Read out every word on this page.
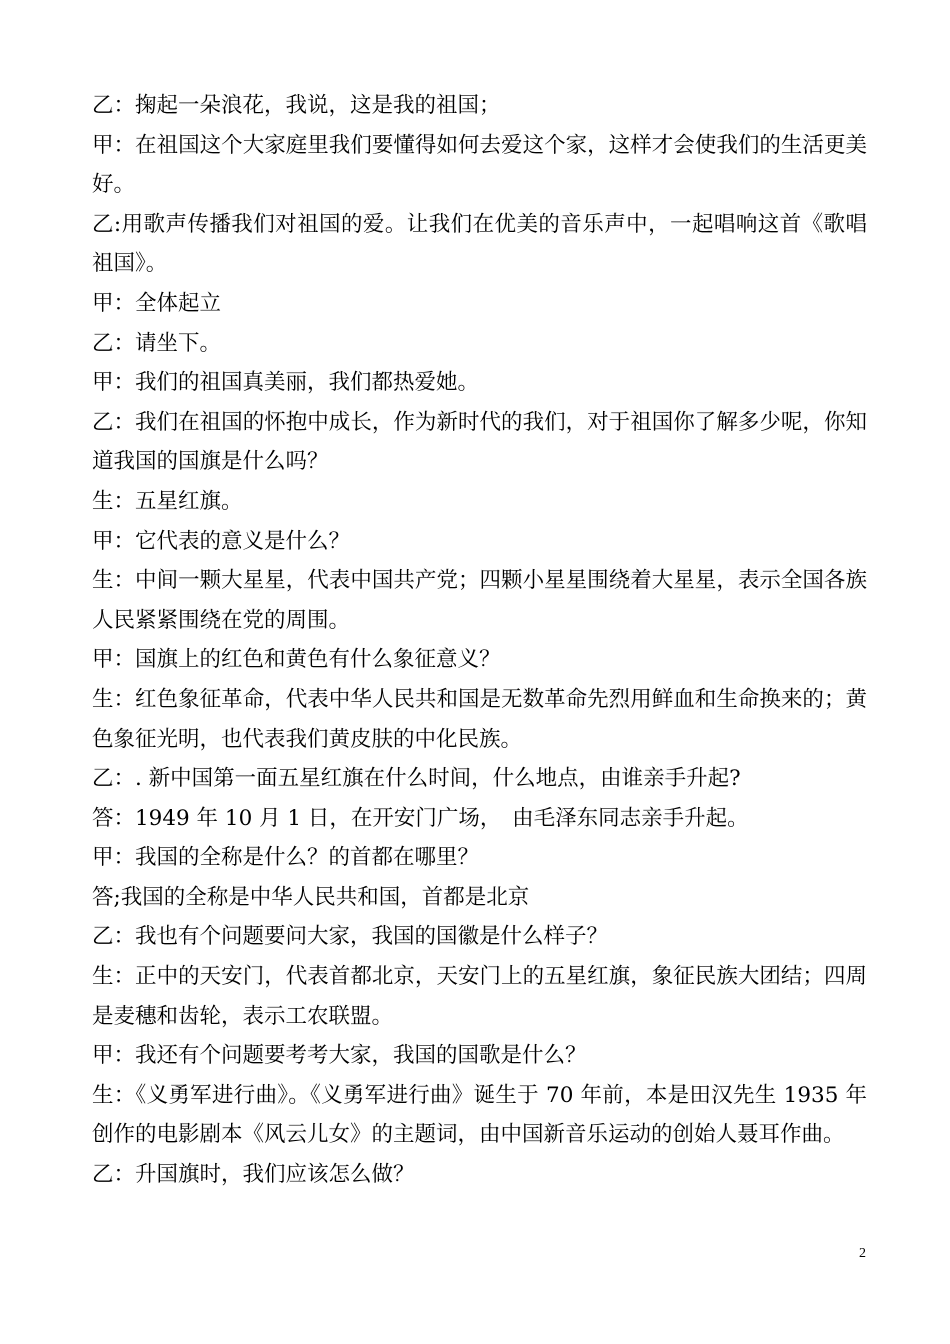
乙：掬起一朵浪花，我说，这是我的祖国；

甲：在祖国这个大家庭里我们要懂得如何去爱这个家，这样才会使我们的生活更美好。

乙:用歌声传播我们对祖国的爱。让我们在优美的音乐声中，一起唱响这首《歌唱祖国》。

甲：全体起立

乙：请坐下。

甲：我们的祖国真美丽，我们都热爱她。

乙：我们在祖国的怀抱中成长，作为新时代的我们，对于祖国你了解多少呢，你知道我国的国旗是什么吗？

生：五星红旗。

甲：它代表的意义是什么？

生：中间一颗大星星，代表中国共产党；四颗小星星围绕着大星星，表示全国各族人民紧紧围绕在党的周围。

甲：国旗上的红色和黄色有什么象征意义？

生：红色象征革命，代表中华人民共和国是无数革命先烈用鲜血和生命换来的；黄色象征光明，也代表我们黄皮肤的中化民族。

乙：. 新中国第一面五星红旗在什么时间，什么地点，由谁亲手升起?

答：1949 年 10 月 1 日，在开安门广场，　由毛泽东同志亲手升起。

甲：我国的全称是什么？的首都在哪里？

答;我国的全称是中华人民共和国，首都是北京

乙：我也有个问题要问大家，我国的国徽是什么样子？

生：正中的天安门，代表首都北京，天安门上的五星红旗，象征民族大团结；四周是麦穗和齿轮，表示工农联盟。

甲：我还有个问题要考考大家，我国的国歌是什么？

生：《义勇军进行曲》。《义勇军进行曲》诞生于 70 年前，本是田汉先生 1935 年创作的电影剧本《风云儿女》的主题词，由中国新音乐运动的创始人聂耳作曲。

乙：升国旗时，我们应该怎么做？

2
